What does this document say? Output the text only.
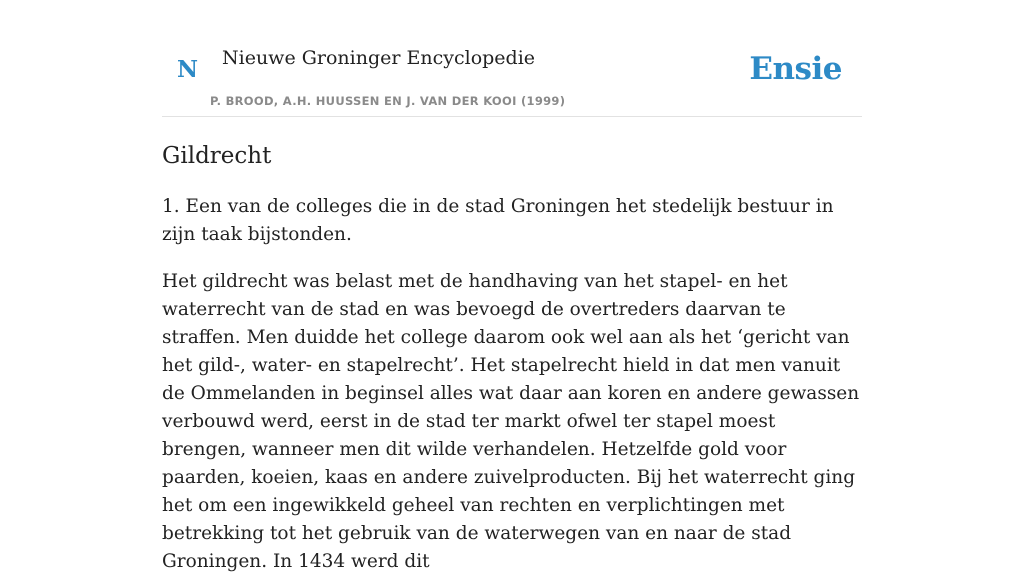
N Nieuwe Groninger Encyclopedie
P. BROOD, A.H. HUUSSEN EN J. VAN DER KOOI (1999)
Ensie
Gildrecht

1. Een van de colleges die in de stad Groningen het stedelijk bestuur in zijn taak bijstonden.

Het gildrecht was belast met de handhaving van het stapel- en het waterrecht van de stad en was bevoegd de overtreders daarvan te straffen. Men duidde het college daarom ook wel aan als het ‘gericht van het gild-, water- en stapelrecht’. Het stapelrecht hield in dat men vanuit de Ommelanden in beginsel alles wat daar aan koren en andere gewassen verbouwd werd, eerst in de stad ter markt ofwel ter stapel moest brengen, wanneer men dit wilde verhandelen. Hetzelfde gold voor paarden, koeien, kaas en andere zuivelproducten. Bij het waterrecht ging het om een ingewikkeld geheel van rechten en verplichtingen met betrekking tot het gebruik van de waterwegen van en naar de stad Groningen. In 1434 werd dit
